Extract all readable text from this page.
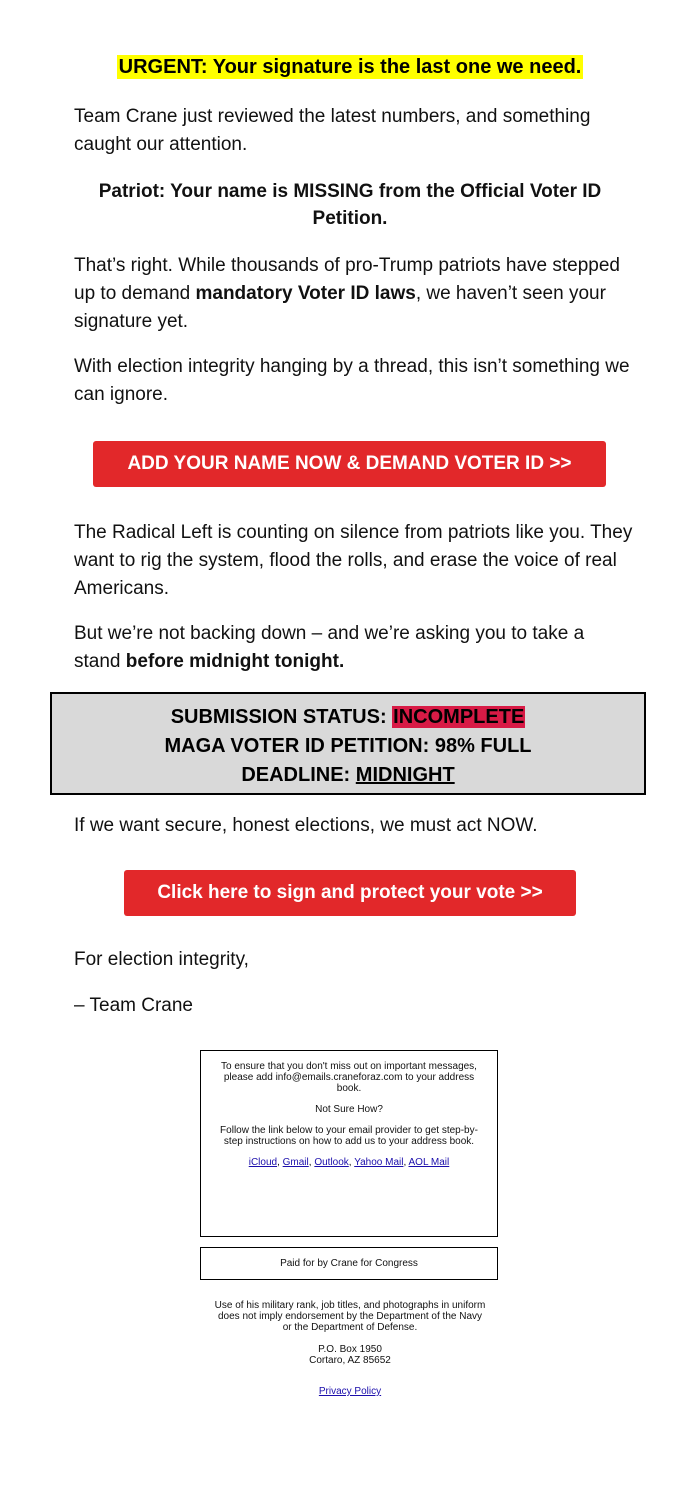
URGENT: Your signature is the last one we need.

Team Crane just reviewed the latest numbers, and something caught our attention.

Patriot: Your name is MISSING from the Official Voter ID Petition.

That’s right. While thousands of pro-Trump patriots have stepped up to demand mandatory Voter ID laws, we haven’t seen your signature yet.

With election integrity hanging by a thread, this isn’t something we can ignore.

ADD YOUR NAME NOW & DEMAND VOTER ID >>

The Radical Left is counting on silence from patriots like you. They want to rig the system, flood the rolls, and erase the voice of real Americans.

But we’re not backing down – and we’re asking you to take a stand before midnight tonight.

SUBMISSION STATUS: INCOMPLETE
MAGA VOTER ID PETITION: 98% FULL
DEADLINE: MIDNIGHT

If we want secure, honest elections, we must act NOW.

Click here to sign and protect your vote >>

For election integrity,

– Team Crane

To ensure that you don't miss out on important messages, please add info@emails.craneforaz.com to your address book.
Not Sure How?
Follow the link below to your email provider to get step-by-step instructions on how to add us to your address book.
iCloud, Gmail, Outlook, Yahoo Mail, AOL Mail
Paid for by Crane for Congress
Use of his military rank, job titles, and photographs in uniform does not imply endorsement by the Department of the Navy or the Department of Defense.
P.O. Box 1950
Cortaro, AZ 85652
Privacy Policy
